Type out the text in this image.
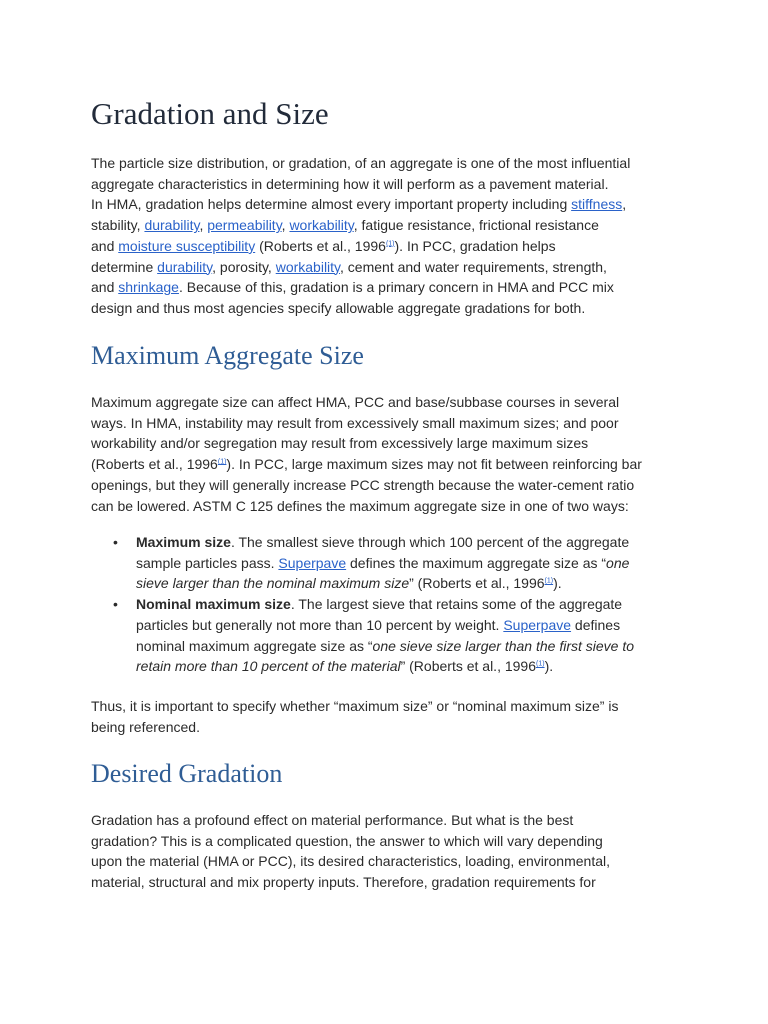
Gradation and Size
The particle size distribution, or gradation, of an aggregate is one of the most influential
aggregate characteristics in determining how it will perform as a pavement material.
In HMA, gradation helps determine almost every important property including stiffness,
stability, durability, permeability, workability, fatigue resistance, frictional resistance
and moisture susceptibility (Roberts et al., 1996$^{(1)}$). In PCC, gradation helps
determine durability, porosity, workability, cement and water requirements, strength,
and shrinkage. Because of this, gradation is a primary concern in HMA and PCC mix
design and thus most agencies specify allowable aggregate gradations for both.
Maximum Aggregate Size
Maximum aggregate size can affect HMA, PCC and base/subbase courses in several
ways. In HMA, instability may result from excessively small maximum sizes; and poor
workability and/or segregation may result from excessively large maximum sizes
(Roberts et al., 1996$^{(1)}$). In PCC, large maximum sizes may not fit between reinforcing bar
openings, but they will generally increase PCC strength because the water-cement ratio
can be lowered. ASTM C 125 defines the maximum aggregate size in one of two ways:
• Maximum size. The smallest sieve through which 100 percent of the aggregate
sample particles pass. Superpave defines the maximum aggregate size as “one
sieve larger than the nominal maximum size” (Roberts et al., 1996$^{(1)}$).
• Nominal maximum size. The largest sieve that retains some of the aggregate
particles but generally not more than 10 percent by weight. Superpave defines
nominal maximum aggregate size as “one sieve size larger than the first sieve to
retain more than 10 percent of the material” (Roberts et al., 1996$^{(1)}$).
Thus, it is important to specify whether “maximum size” or “nominal maximum size” is
being referenced.
Desired Gradation
Gradation has a profound effect on material performance. But what is the best
gradation? This is a complicated question, the answer to which will vary depending
upon the material (HMA or PCC), its desired characteristics, loading, environmental,
material, structural and mix property inputs. Therefore, gradation requirements for
